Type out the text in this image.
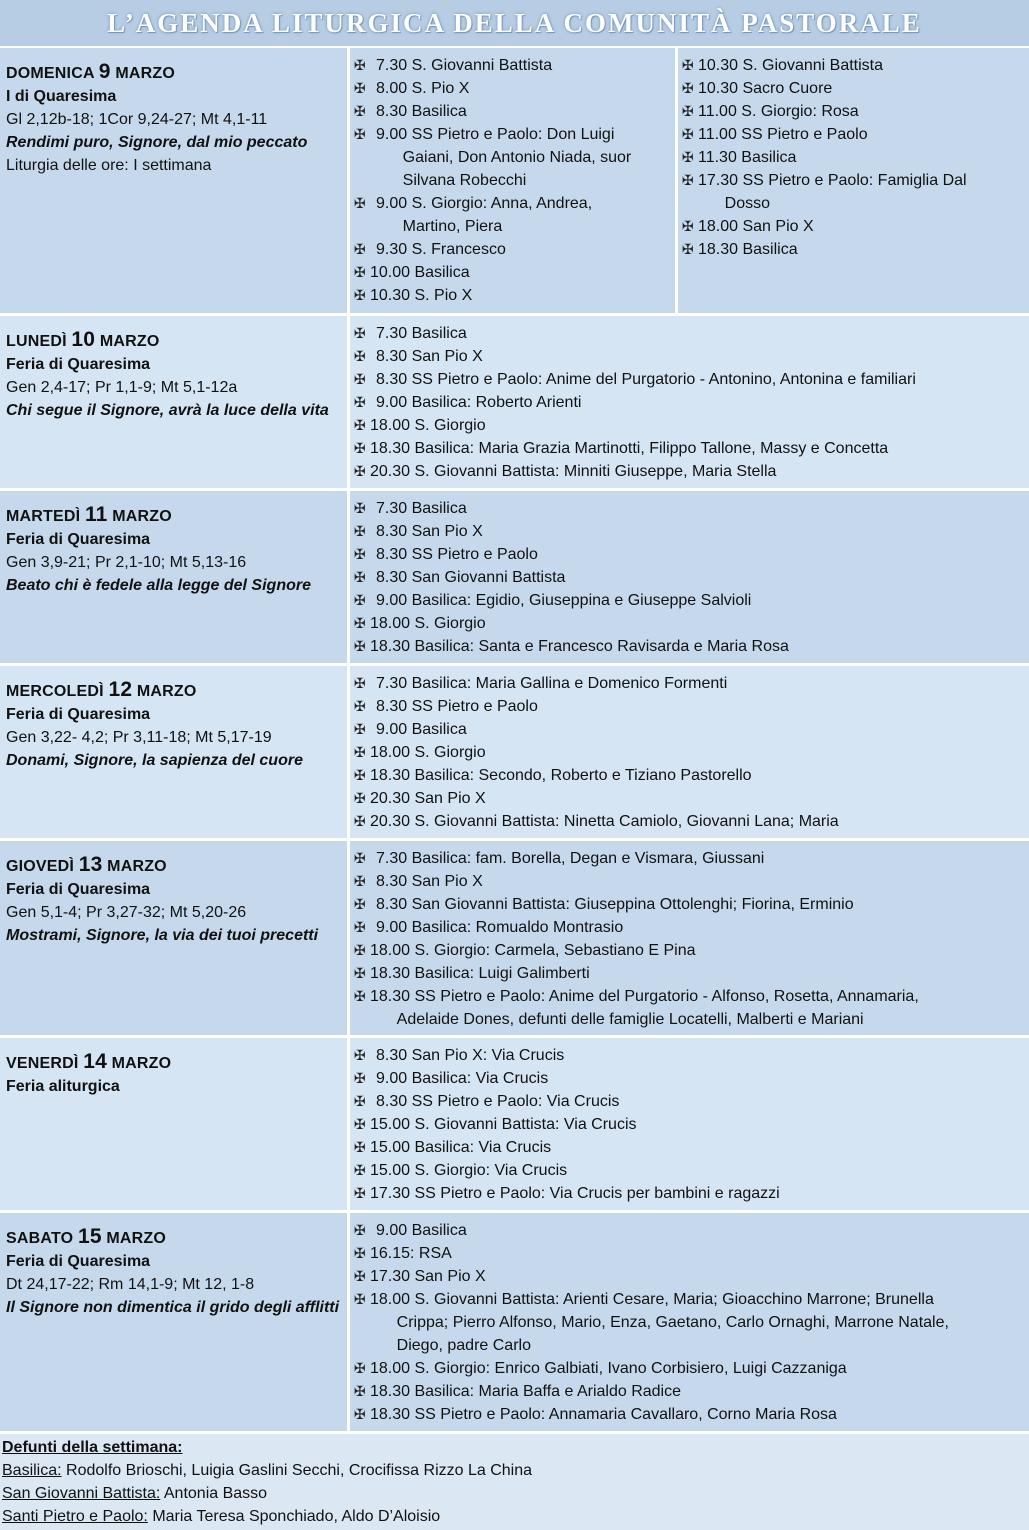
L’AGENDA LITURGICA DELLA COMUNITÀ PASTORALE
DOMENICA 9 MARZO
I di Quaresima
Gl 2,12b-18; 1Cor 9,24-27; Mt 4,1-11
Rendimi puro, Signore, dal mio peccato
Liturgia delle ore: I settimana
✠ 7.30 S. Giovanni Battista
✠ 8.00 S. Pio X
✠ 8.30 Basilica
✠ 9.00 SS Pietro e Paolo: Don Luigi
Gaiani, Don Antonio Niada, suor
Silvana Robecchi
✠ 9.00 S. Giorgio: Anna, Andrea,
Martino, Piera
✠ 9.30 S. Francesco
✠ 10.00 Basilica
✠ 10.30 S. Pio X
✠ 10.30 S. Giovanni Battista
✠ 10.30 Sacro Cuore
✠ 11.00 S. Giorgio: Rosa
✠ 11.00 SS Pietro e Paolo
✠ 11.30 Basilica
✠ 17.30 SS Pietro e Paolo: Famiglia Dal
Dosso
✠ 18.00 San Pio X
✠ 18.30 Basilica
LUNEDÌ 10 MARZO
Feria di Quaresima
Gen 2,4-17; Pr 1,1-9; Mt 5,1-12a
Chi segue il Signore, avrà la luce della vita
✠ 7.30 Basilica
✠ 8.30 San Pio X
✠ 8.30 SS Pietro e Paolo: Anime del Purgatorio - Antonino, Antonina e familiari
✠ 9.00 Basilica: Roberto Arienti
✠ 18.00 S. Giorgio
✠ 18.30 Basilica: Maria Grazia Martinotti, Filippo Tallone, Massy e Concetta
✠ 20.30 S. Giovanni Battista: Minniti Giuseppe, Maria Stella
MARTEDÌ 11 MARZO
Feria di Quaresima
Gen 3,9-21; Pr 2,1-10; Mt 5,13-16
Beato chi è fedele alla legge del Signore
✠ 7.30 Basilica
✠ 8.30 San Pio X
✠ 8.30 SS Pietro e Paolo
✠ 8.30 San Giovanni Battista
✠ 9.00 Basilica: Egidio, Giuseppina e Giuseppe Salvioli
✠ 18.00 S. Giorgio
✠ 18.30 Basilica: Santa e Francesco Ravisarda e Maria Rosa
MERCOLEDÌ 12 MARZO
Feria di Quaresima
Gen 3,22- 4,2; Pr 3,11-18; Mt 5,17-19
Donami, Signore, la sapienza del cuore
✠ 7.30 Basilica: Maria Gallina e Domenico Formenti
✠ 8.30 SS Pietro e Paolo
✠ 9.00 Basilica
✠ 18.00 S. Giorgio
✠ 18.30 Basilica: Secondo, Roberto e Tiziano Pastorello
✠ 20.30 San Pio X
✠ 20.30 S. Giovanni Battista: Ninetta Camiolo, Giovanni Lana; Maria
GIOVEDÌ 13 MARZO
Feria di Quaresima
Gen 5,1-4; Pr 3,27-32; Mt 5,20-26
Mostrami, Signore, la via dei tuoi precetti
✠ 7.30 Basilica: fam. Borella, Degan e Vismara, Giussani
✠ 8.30 San Pio X
✠ 8.30 San Giovanni Battista: Giuseppina Ottolenghi; Fiorina, Erminio
✠ 9.00 Basilica: Romualdo Montrasio
✠ 18.00 S. Giorgio: Carmela, Sebastiano E Pina
✠ 18.30 Basilica: Luigi Galimberti
✠ 18.30 SS Pietro e Paolo: Anime del Purgatorio - Alfonso, Rosetta, Annamaria,
Adelaide Dones, defunti delle famiglie Locatelli, Malberti e Mariani
VENERDÌ 14 MARZO
Feria aliturgica
✠ 8.30 San Pio X: Via Crucis
✠ 9.00 Basilica: Via Crucis
✠ 8.30 SS Pietro e Paolo: Via Crucis
✠ 15.00 S. Giovanni Battista: Via Crucis
✠ 15.00 Basilica: Via Crucis
✠ 15.00 S. Giorgio: Via Crucis
✠ 17.30 SS Pietro e Paolo: Via Crucis per bambini e ragazzi
SABATO 15 MARZO
Feria di Quaresima
Dt 24,17-22; Rm 14,1-9; Mt 12, 1-8
Il Signore non dimentica il grido degli afflitti
✠ 9.00 Basilica
✠ 16.15: RSA
✠ 17.30 San Pio X
✠ 18.00 S. Giovanni Battista: Arienti Cesare, Maria; Gioacchino Marrone; Brunella
Crippa; Pierro Alfonso, Mario, Enza, Gaetano, Carlo Ornaghi, Marrone Natale,
Diego, padre Carlo
✠ 18.00 S. Giorgio: Enrico Galbiati, Ivano Corbisiero, Luigi Cazzaniga
✠ 18.30 Basilica: Maria Baffa e Arialdo Radice
✠ 18.30 SS Pietro e Paolo: Annamaria Cavallaro, Corno Maria Rosa
Defunti della settimana:
Basilica: Rodolfo Brioschi, Luigia Gaslini Secchi, Crocifissa Rizzo La China
San Giovanni Battista: Antonia Basso
Santi Pietro e Paolo: Maria Teresa Sponchiado, Aldo D’Aloisio
